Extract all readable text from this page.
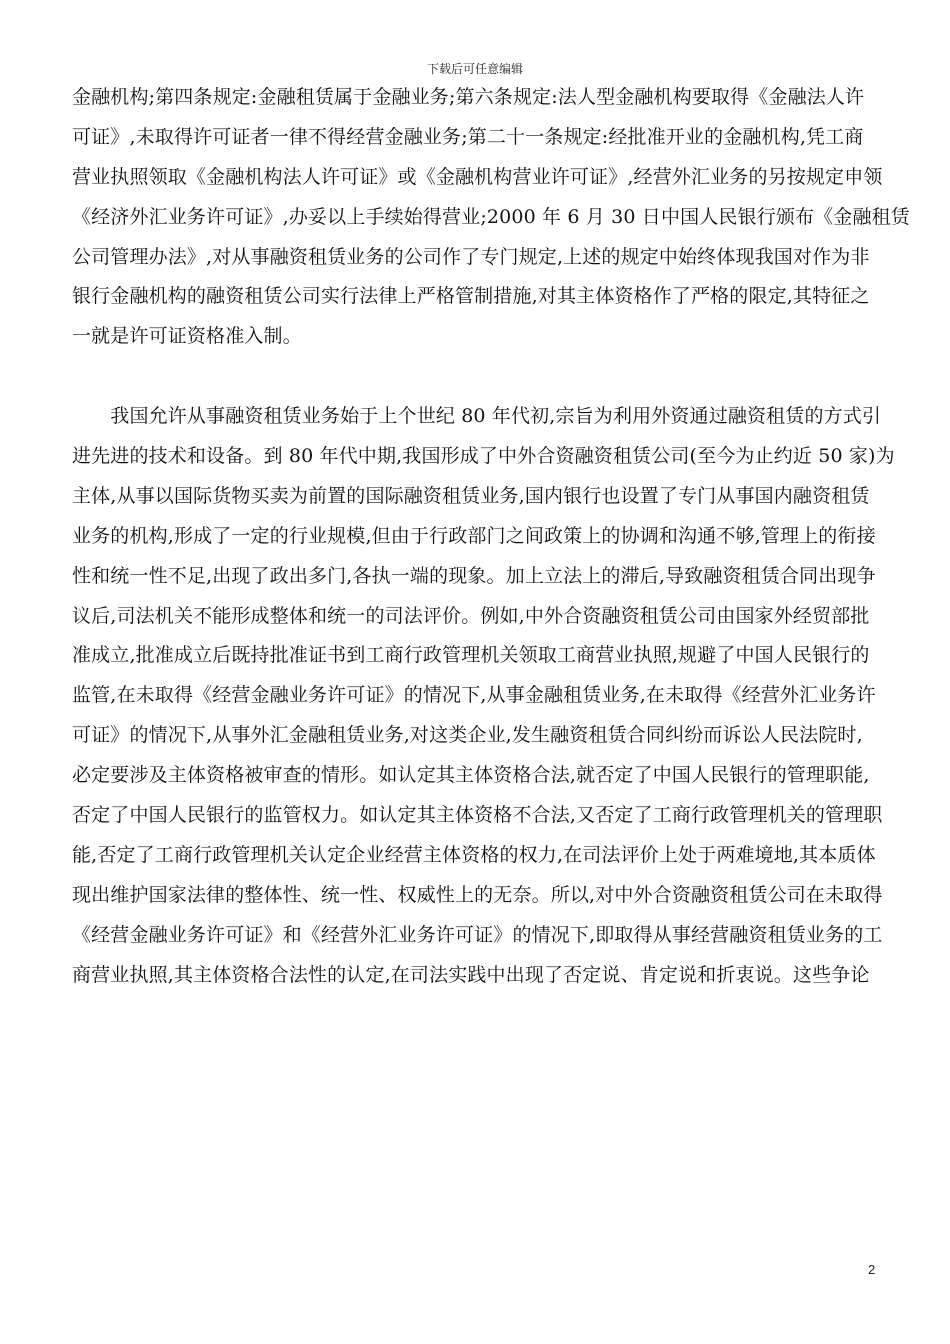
下载后可任意编辑
金融机构;第四条规定:金融租赁属于金融业务;第六条规定:法人型金融机构要取得《金融法人许
可证》,未取得许可证者一律不得经营金融业务;第二十一条规定:经批准开业的金融机构,凭工商
营业执照领取《金融机构法人许可证》或《金融机构营业许可证》,经营外汇业务的另按规定申领
《经济外汇业务许可证》,办妥以上手续始得营业;2000 年 6 月 30 日中国人民银行颁布《金融租赁
公司管理办法》,对从事融资租赁业务的公司作了专门规定,上述的规定中始终体现我国对作为非
银行金融机构的融资租赁公司实行法律上严格管制措施,对其主体资格作了严格的限定,其特征之
一就是许可证资格准入制。
　　我国允许从事融资租赁业务始于上个世纪 80 年代初,宗旨为利用外资通过融资租赁的方式引
进先进的技术和设备。到 80 年代中期,我国形成了中外合资融资租赁公司(至今为止约近 50 家)为
主体,从事以国际货物买卖为前置的国际融资租赁业务,国内银行也设置了专门从事国内融资租赁
业务的机构,形成了一定的行业规模,但由于行政部门之间政策上的协调和沟通不够,管理上的衔接
性和统一性不足,出现了政出多门,各执一端的现象。加上立法上的滞后,导致融资租赁合同出现争
议后,司法机关不能形成整体和统一的司法评价。例如,中外合资融资租赁公司由国家外经贸部批
准成立,批准成立后既持批准证书到工商行政管理机关领取工商营业执照,规避了中国人民银行的
监管,在未取得《经营金融业务许可证》的情况下,从事金融租赁业务,在未取得《经营外汇业务许
可证》的情况下,从事外汇金融租赁业务,对这类企业,发生融资租赁合同纠纷而诉讼人民法院时,
必定要涉及主体资格被审查的情形。如认定其主体资格合法,就否定了中国人民银行的管理职能,
否定了中国人民银行的监管权力。如认定其主体资格不合法,又否定了工商行政管理机关的管理职
能,否定了工商行政管理机关认定企业经营主体资格的权力,在司法评价上处于两难境地,其本质体
现出维护国家法律的整体性、统一性、权威性上的无奈。所以,对中外合资融资租赁公司在未取得
《经营金融业务许可证》和《经营外汇业务许可证》的情况下,即取得从事经营融资租赁业务的工
商营业执照,其主体资格合法性的认定,在司法实践中出现了否定说、肯定说和折衷说。这些争论
2
